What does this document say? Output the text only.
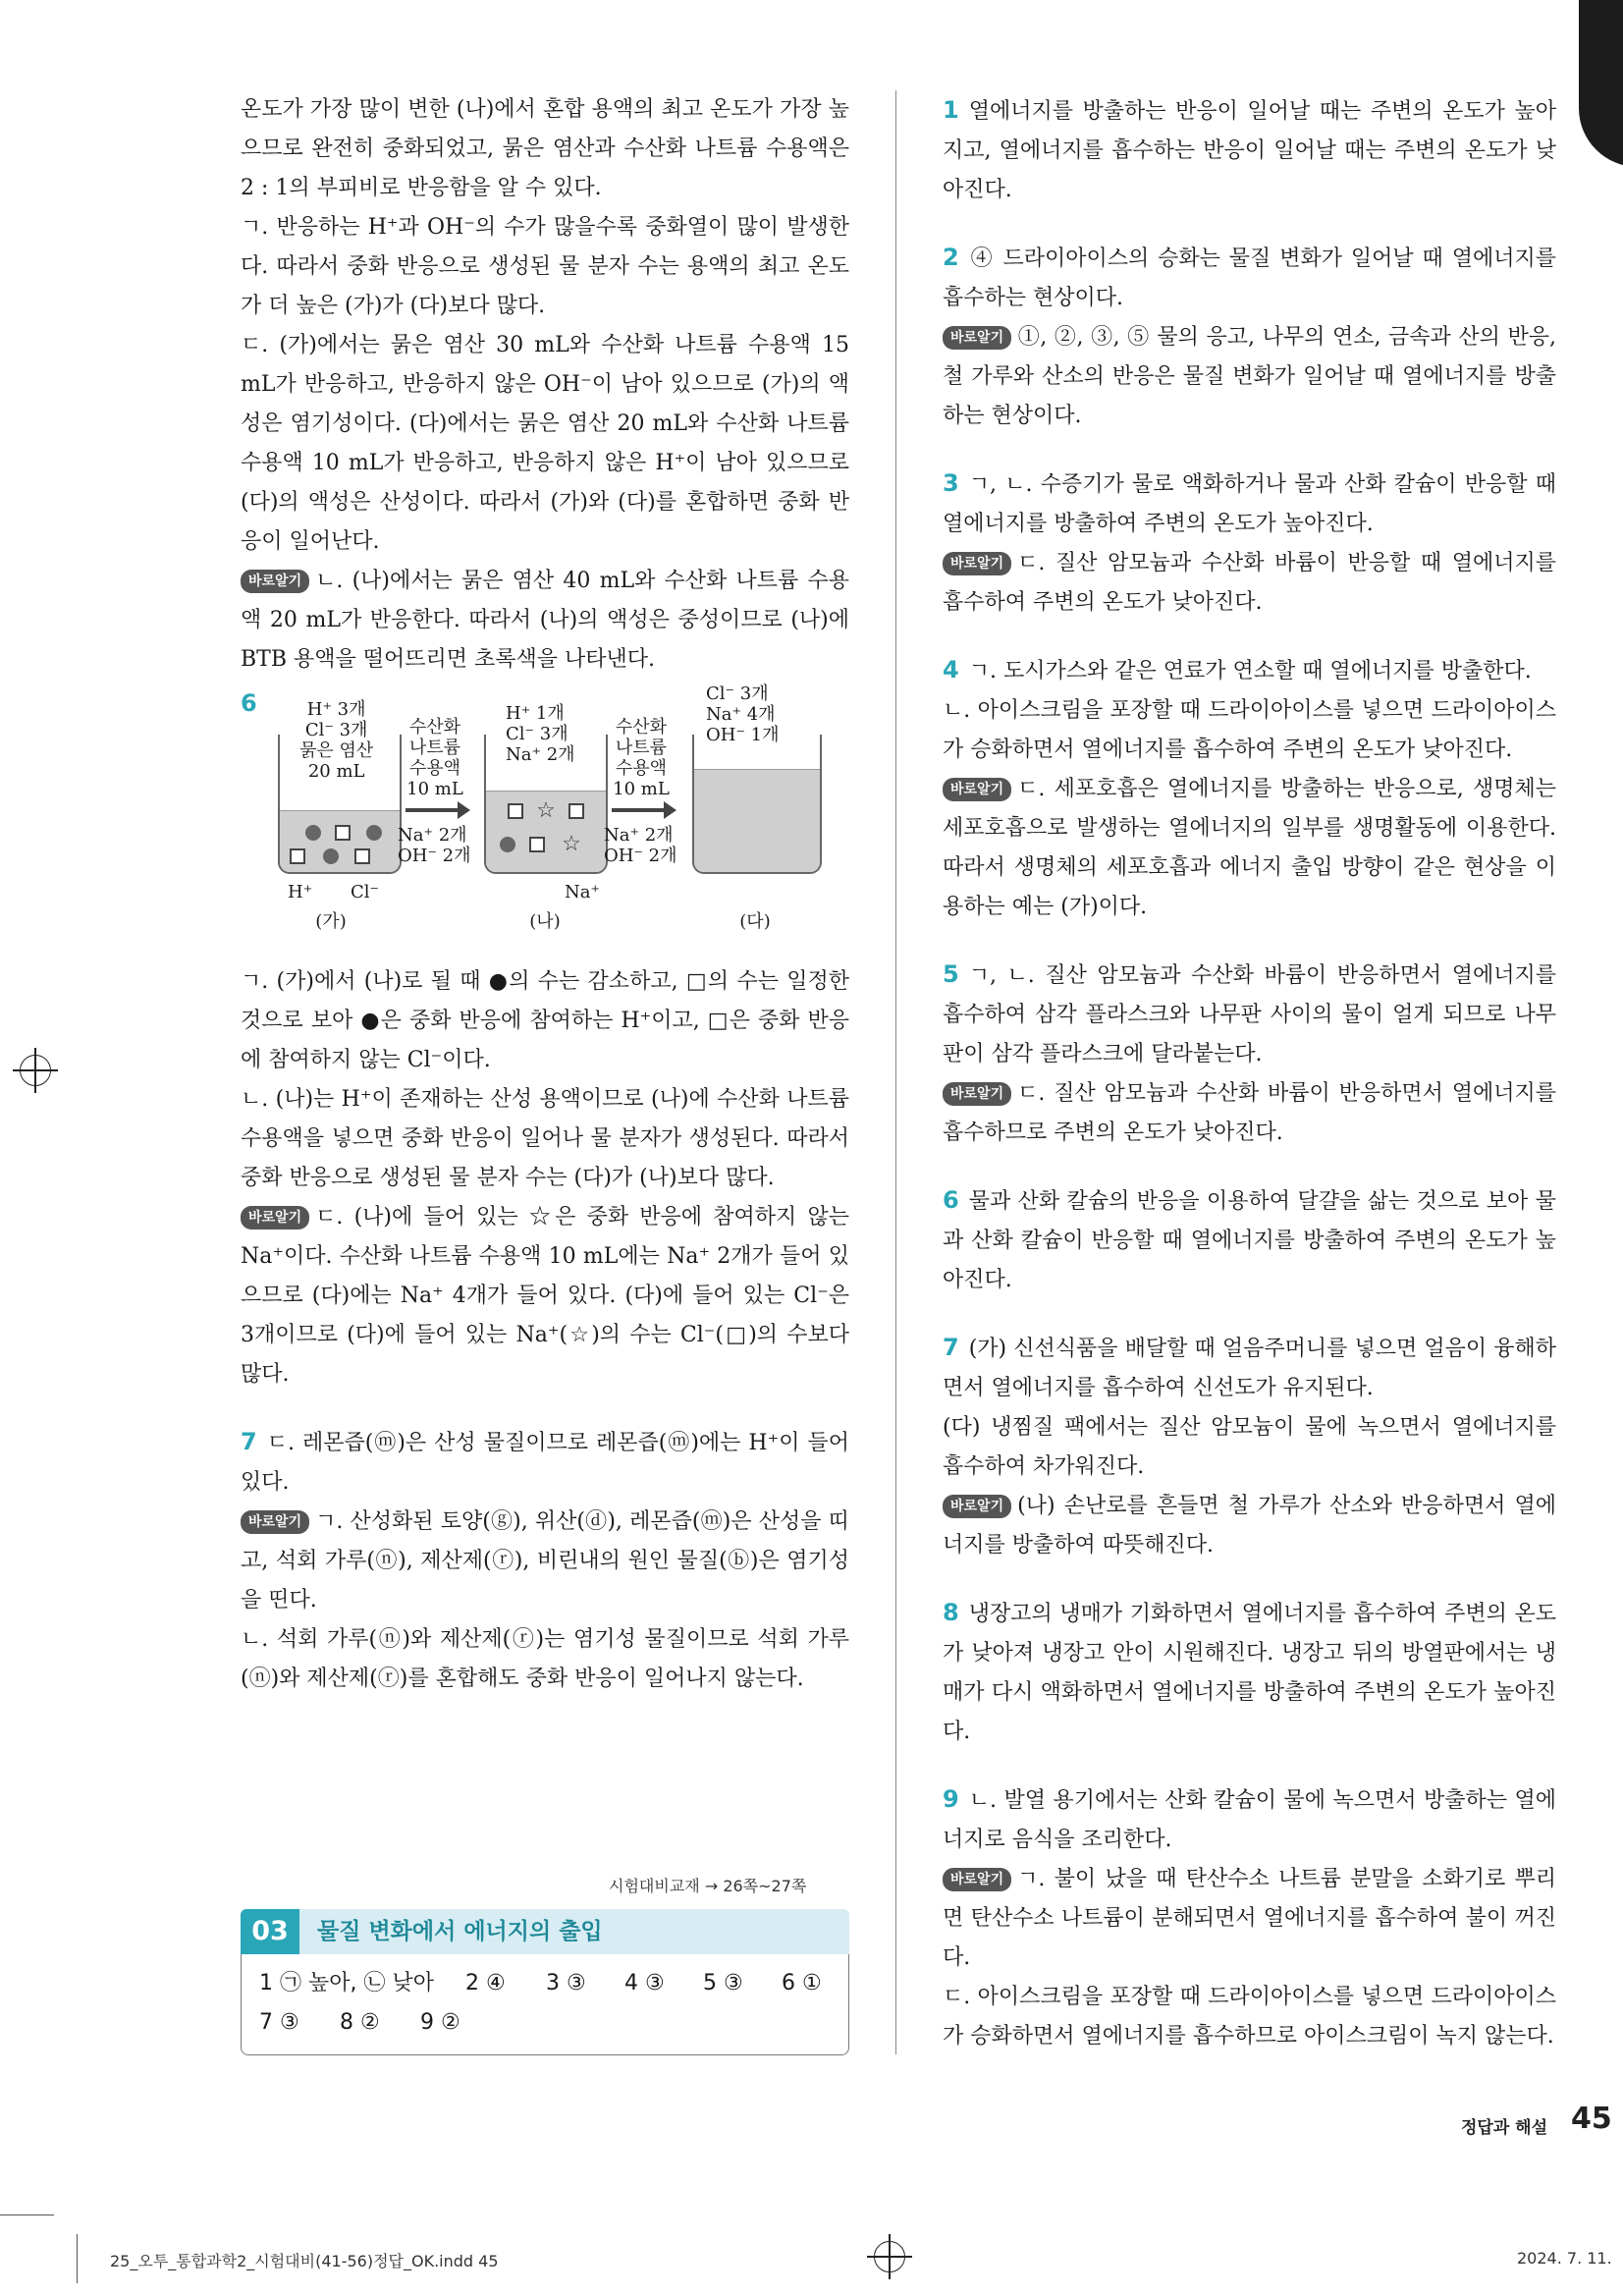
온도가 가장 많이 변한 (나)에서 혼합 용액의 최고 온도가 가장 높으므로 완전히 중화되었고, 묽은 염산과 수산화 나트륨 수용액은 2 : 1의 부피비로 반응함을 알 수 있다.

ㄱ. 반응하는 H⁺과 OH⁻의 수가 많을수록 중화열이 많이 발생한다. 따라서 중화 반응으로 생성된 물 분자 수는 용액의 최고 온도가 더 높은 (가)가 (다)보다 많다.

ㄷ. (가)에서는 묽은 염산 30 mL와 수산화 나트륨 수용액 15 mL가 반응하고, 반응하지 않은 OH⁻이 남아 있으므로 (가)의 액성은 염기성이다. (다)에서는 묽은 염산 20 mL와 수산화 나트륨 수용액 10 mL가 반응하고, 반응하지 않은 H⁺이 남아 있으므로 (다)의 액성은 산성이다. 따라서 (가)와 (다)를 혼합하면 중화 반응이 일어난다.

바로알기 ㄴ. (나)에서는 묽은 염산 40 mL와 수산화 나트륨 수용액 20 mL가 반응한다. 따라서 (나)의 액성은 중성이므로 (나)에 BTB 용액을 떨어뜨리면 초록색을 나타낸다.

6	H⁺ 3개
Cl⁻ 3개
묽은 염산
20 mL
H⁺ Cl⁻
(가)
수산화
나트륨
수용액
10 mL
Na⁺ 2개
OH⁻ 2개
H⁺ 1개
Cl⁻ 3개
Na⁺ 2개
☆
☆
Na⁺
(나)
수산화
나트륨
수용액
10 mL
Na⁺ 2개
OH⁻ 2개
Cl⁻ 3개
Na⁺ 4개
OH⁻ 1개
(다)

ㄱ. (가)에서 (나)로 될 때 ●의 수는 감소하고, □의 수는 일정한 것으로 보아 ●은 중화 반응에 참여하는 H⁺이고, □은 중화 반응에 참여하지 않는 Cl⁻이다.

ㄴ. (나)는 H⁺이 존재하는 산성 용액이므로 (나)에 수산화 나트륨 수용액을 넣으면 중화 반응이 일어나 물 분자가 생성된다. 따라서 중화 반응으로 생성된 물 분자 수는 (다)가 (나)보다 많다.

바로알기 ㄷ. (나)에 들어 있는 ☆은 중화 반응에 참여하지 않는 Na⁺이다. 수산화 나트륨 수용액 10 mL에는 Na⁺ 2개가 들어 있으므로 (다)에는 Na⁺ 4개가 들어 있다. (다)에 들어 있는 Cl⁻은 3개이므로 (다)에 들어 있는 Na⁺(☆)의 수는 Cl⁻(□)의 수보다 많다.

7 ㄷ. 레몬즙(ⓜ)은 산성 물질이므로 레몬즙(ⓜ)에는 H⁺이 들어 있다.

바로알기 ㄱ. 산성화된 토양(ⓖ), 위산(ⓓ), 레몬즙(ⓜ)은 산성을 띠고, 석회 가루(ⓝ), 제산제(ⓡ), 비린내의 원인 물질(ⓑ)은 염기성을 띤다.

ㄴ. 석회 가루(ⓝ)와 제산제(ⓡ)는 염기성 물질이므로 석회 가루(ⓝ)와 제산제(ⓡ)를 혼합해도 중화 반응이 일어나지 않는다.

시험대비교재 → 26쪽~27쪽
03	물질 변화에서 에너지의 출입
1 ㉠ 높아, ㉡ 낮아 2 ④ 3 ③ 4 ③ 5 ③ 6 ①
7 ③ 8 ② 9 ②

1 열에너지를 방출하는 반응이 일어날 때는 주변의 온도가 높아지고, 열에너지를 흡수하는 반응이 일어날 때는 주변의 온도가 낮아진다.

2 ④ 드라이아이스의 승화는 물질 변화가 일어날 때 열에너지를 흡수하는 현상이다.

바로알기 ①, ②, ③, ⑤ 물의 응고, 나무의 연소, 금속과 산의 반응, 철 가루와 산소의 반응은 물질 변화가 일어날 때 열에너지를 방출하는 현상이다.

3 ㄱ, ㄴ. 수증기가 물로 액화하거나 물과 산화 칼슘이 반응할 때 열에너지를 방출하여 주변의 온도가 높아진다.

바로알기 ㄷ. 질산 암모늄과 수산화 바륨이 반응할 때 열에너지를 흡수하여 주변의 온도가 낮아진다.

4 ㄱ. 도시가스와 같은 연료가 연소할 때 열에너지를 방출한다.

ㄴ. 아이스크림을 포장할 때 드라이아이스를 넣으면 드라이아이스가 승화하면서 열에너지를 흡수하여 주변의 온도가 낮아진다.

바로알기 ㄷ. 세포호흡은 열에너지를 방출하는 반응으로, 생명체는 세포호흡으로 발생하는 열에너지의 일부를 생명활동에 이용한다. 따라서 생명체의 세포호흡과 에너지 출입 방향이 같은 현상을 이용하는 예는 (가)이다.

5 ㄱ, ㄴ. 질산 암모늄과 수산화 바륨이 반응하면서 열에너지를 흡수하여 삼각 플라스크와 나무판 사이의 물이 얼게 되므로 나무판이 삼각 플라스크에 달라붙는다.

바로알기 ㄷ. 질산 암모늄과 수산화 바륨이 반응하면서 열에너지를 흡수하므로 주변의 온도가 낮아진다.

6 물과 산화 칼슘의 반응을 이용하여 달걀을 삶는 것으로 보아 물과 산화 칼슘이 반응할 때 열에너지를 방출하여 주변의 온도가 높아진다.

7 (가) 신선식품을 배달할 때 얼음주머니를 넣으면 얼음이 융해하면서 열에너지를 흡수하여 신선도가 유지된다.

(다) 냉찜질 팩에서는 질산 암모늄이 물에 녹으면서 열에너지를 흡수하여 차가워진다.

바로알기 (나) 손난로를 흔들면 철 가루가 산소와 반응하면서 열에너지를 방출하여 따뜻해진다.

8 냉장고의 냉매가 기화하면서 열에너지를 흡수하여 주변의 온도가 낮아져 냉장고 안이 시원해진다. 냉장고 뒤의 방열판에서는 냉매가 다시 액화하면서 열에너지를 방출하여 주변의 온도가 높아진다.

9 ㄴ. 발열 용기에서는 산화 칼슘이 물에 녹으면서 방출하는 열에너지로 음식을 조리한다.

바로알기 ㄱ. 불이 났을 때 탄산수소 나트륨 분말을 소화기로 뿌리면 탄산수소 나트륨이 분해되면서 열에너지를 흡수하여 불이 꺼진다.

ㄷ. 아이스크림을 포장할 때 드라이아이스를 넣으면 드라이아이스가 승화하면서 열에너지를 흡수하므로 아이스크림이 녹지 않는다.

정답과 해설 45
25_오투_통합과학2_시험대비(41-56)정답_OK.indd 45	2024. 7. 11.
